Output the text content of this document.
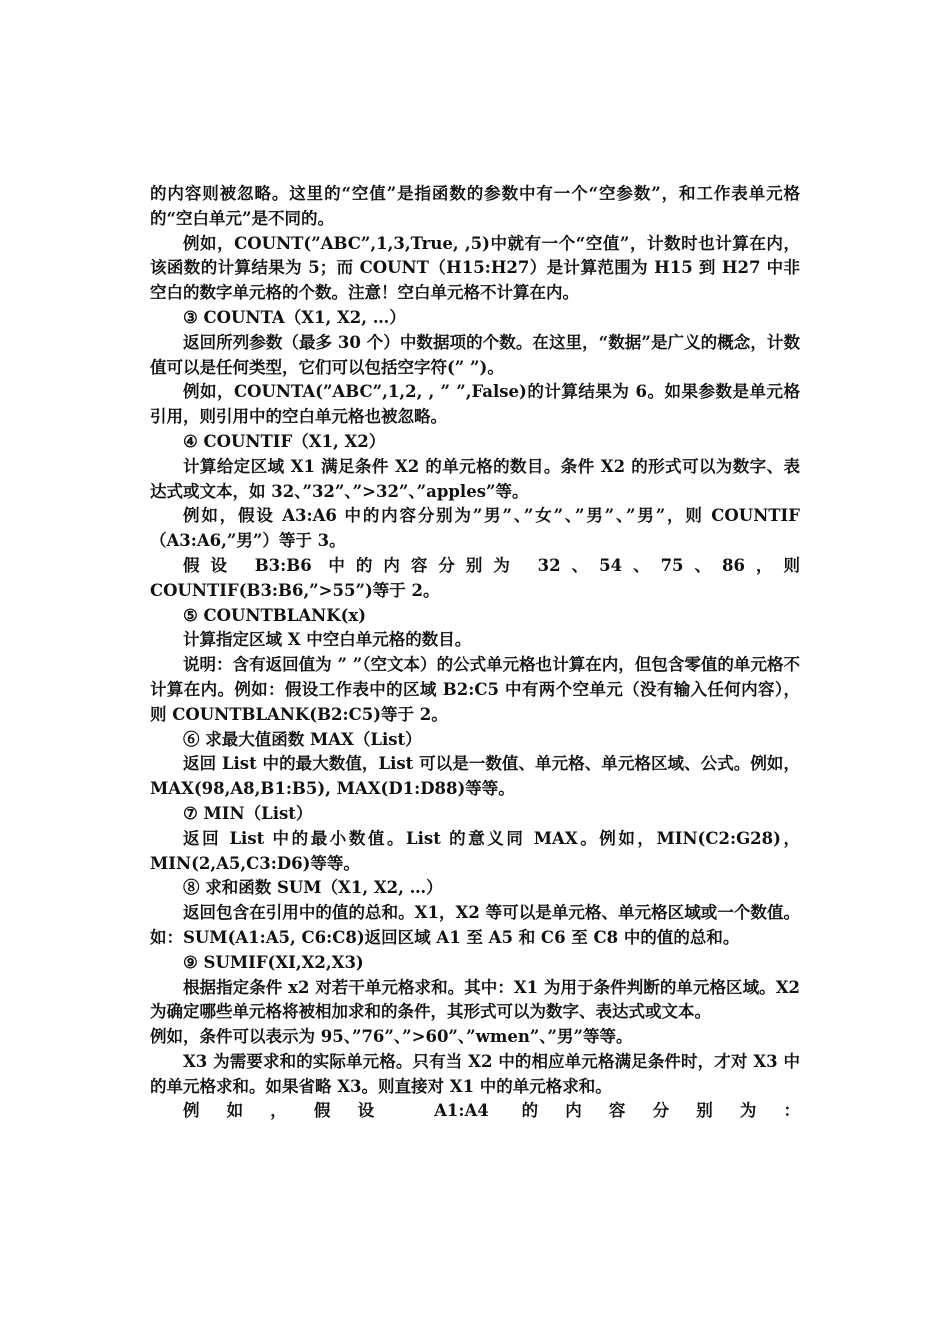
的内容则被忽略。这里的“空值”是指函数的参数中有一个“空参数”，和工作表单元格的“空白单元”是不同的。

例如，COUNT(”ABC”,1,3,True, ,5)中就有一个“空值”，计数时也计算在内，该函数的计算结果为 5；而 COUNT（H15:H27）是计算范围为 H15 到 H27 中非空白的数字单元格的个数。注意！空白单元格不计算在内。

③ COUNTA（X1, X2, …）

返回所列参数（最多 30 个）中数据项的个数。在这里，“数据”是广义的概念，计数值可以是任何类型，它们可以包括空字符(” ”)。

例如，COUNTA(”ABC”,1,2, , ” ”,False)的计算结果为 6。如果参数是单元格引用，则引用中的空白单元格也被忽略。

④ COUNTIF（X1, X2）

计算给定区域 X1 满足条件 X2 的单元格的数目。条件 X2 的形式可以为数字、表达式或文本，如 32、”32”、”>32”、”apples”等。

例如，假设 A3:A6 中的内容分别为”男”、”女”、”男”、”男”，则 COUNTIF（A3:A6,”男”）等于 3。

假设 B3:B6 中的内容分别为 32、54、75、86，则 COUNTIF(B3:B6,”>55”)等于 2。

⑤ COUNTBLANK(x)

计算指定区域 X 中空白单元格的数目。

说明：含有返回值为 ” ”（空文本）的公式单元格也计算在内，但包含零值的单元格不计算在内。例如：假设工作表中的区域 B2:C5 中有两个空单元（没有输入任何内容），则 COUNTBLANK(B2:C5)等于 2。

⑥ 求最大值函数 MAX（List）

返回 List 中的最大数值，List 可以是一数值、单元格、单元格区域、公式。例如，MAX(98,A8,B1:B5), MAX(D1:D88)等等。

⑦ MIN（List）

返回 List 中的最小数值。List 的意义同 MAX。例如，MIN(C2:G28)，MIN(2,A5,C3:D6)等等。

⑧ 求和函数 SUM（X1, X2, …）

返回包含在引用中的值的总和。X1，X2 等可以是单元格、单元格区域或一个数值。如：SUM(A1:A5, C6:C8)返回区域 A1 至 A5 和 C6 至 C8 中的值的总和。

⑨ SUMIF(XI,X2,X3)

根据指定条件 x2 对若干单元格求和。其中：X1 为用于条件判断的单元格区域。X2 为确定哪些单元格将被相加求和的条件，其形式可以为数字、表达式或文本。

例如，条件可以表示为 95、”76”、”>60”、”wmen”、”男”等等。

X3 为需要求和的实际单元格。只有当 X2 中的相应单元格满足条件时，才对 X3 中的单元格求和。如果省略 X3。则直接对 X1 中的单元格求和。

例如，假设 A1:A4 的内容分别为：
